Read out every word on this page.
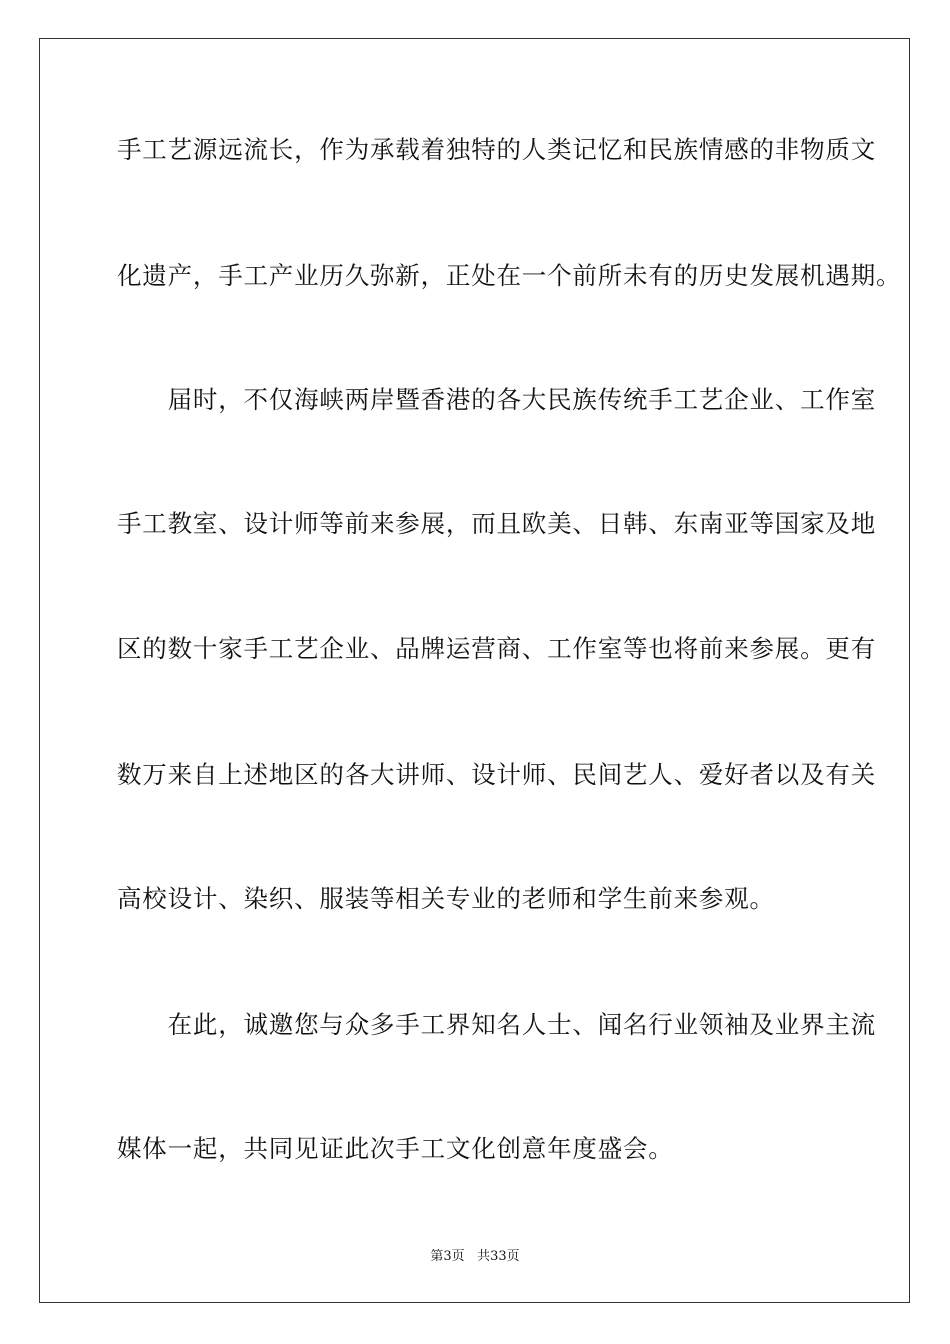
手工艺源远流长，作为承载着独特的人类记忆和民族情感的非物质文
化遗产，手工产业历久弥新，正处在一个前所未有的历史发展机遇期。
　　届时，不仅海峡两岸暨香港的各大民族传统手工艺企业、工作室
手工教室、设计师等前来参展，而且欧美、日韩、东南亚等国家及地
区的数十家手工艺企业、品牌运营商、工作室等也将前来参展。更有
数万来自上述地区的各大讲师、设计师、民间艺人、爱好者以及有关
高校设计、染织、服装等相关专业的老师和学生前来参观。
　　在此，诚邀您与众多手工界知名人士、闻名行业领袖及业界主流
媒体一起，共同见证此次手工文化创意年度盛会。
第3页 共33页
